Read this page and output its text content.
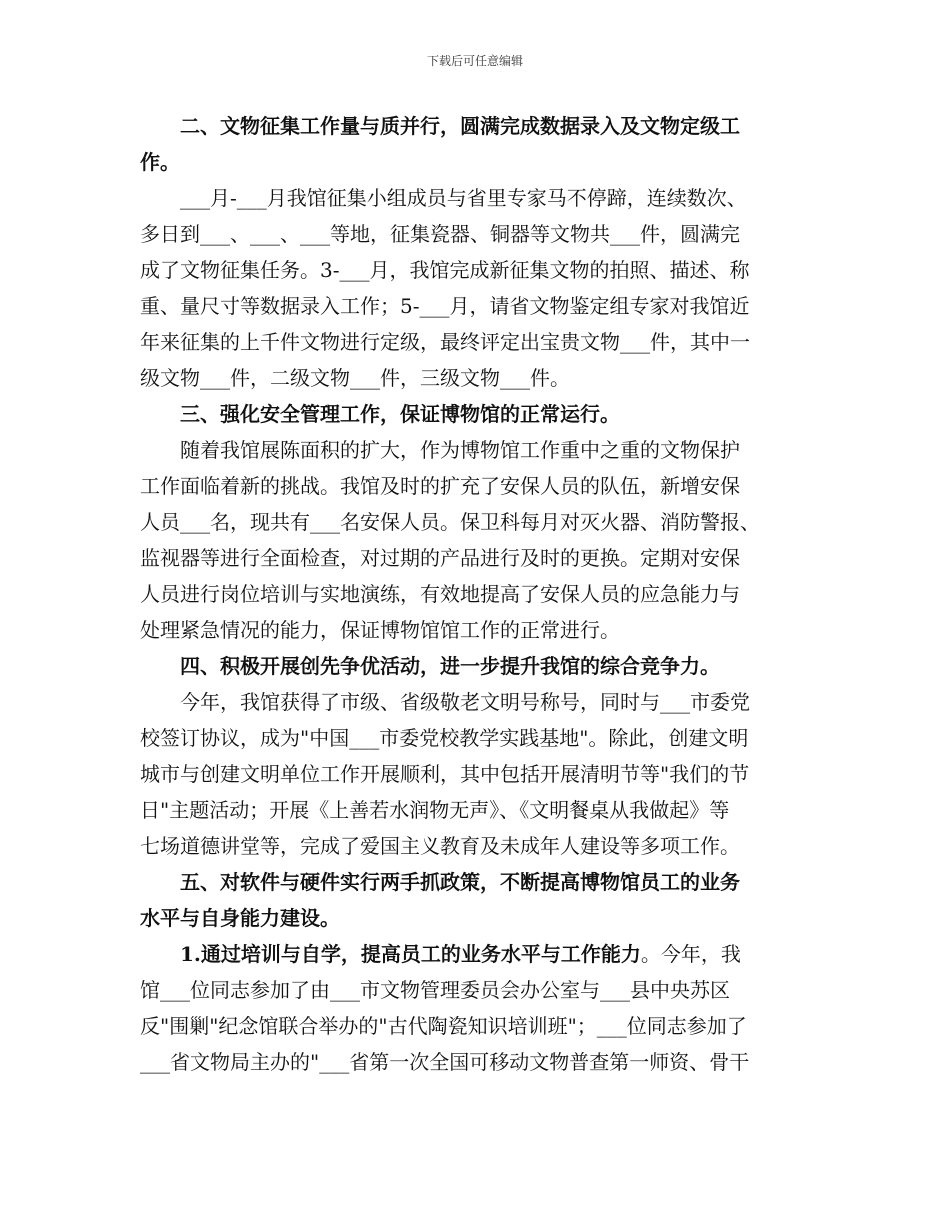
下载后可任意编辑
　　二、文物征集工作量与质并行，圆满完成数据录入及文物定级工
作。
　　___月-___月我馆征集小组成员与省里专家马不停蹄，连续数次、
多日到___、___、___等地，征集瓷器、铜器等文物共___件，圆满完
成了文物征集任务。3-___月，我馆完成新征集文物的拍照、描述、称
重、量尺寸等数据录入工作；5-___月，请省文物鉴定组专家对我馆近
年来征集的上千件文物进行定级，最终评定出宝贵文物___件，其中一
级文物___件，二级文物___件，三级文物___件。
　　三、强化安全管理工作，保证博物馆的正常运行。
　　随着我馆展陈面积的扩大，作为博物馆工作重中之重的文物保护
工作面临着新的挑战。我馆及时的扩充了安保人员的队伍，新增安保
人员___名，现共有___名安保人员。保卫科每月对灭火器、消防警报、
监视器等进行全面检查，对过期的产品进行及时的更换。定期对安保
人员进行岗位培训与实地演练，有效地提高了安保人员的应急能力与
处理紧急情况的能力，保证博物馆馆工作的正常进行。
　　四、积极开展创先争优活动，进一步提升我馆的综合竞争力。
　　今年，我馆获得了市级、省级敬老文明号称号，同时与___市委党
校签订协议，成为"中国___市委党校教学实践基地"。除此，创建文明
城市与创建文明单位工作开展顺利，其中包括开展清明节等"我们的节
日"主题活动；开展《上善若水润物无声》、《文明餐桌从我做起》等
七场道德讲堂等，完成了爱国主义教育及未成年人建设等多项工作。
　　五、对软件与硬件实行两手抓政策，不断提高博物馆员工的业务
水平与自身能力建设。
　　1.通过培训与自学，提高员工的业务水平与工作能力。今年，我
馆___位同志参加了由___市文物管理委员会办公室与___县中央苏区
反"围剿"纪念馆联合举办的"古代陶瓷知识培训班"；___位同志参加了
___省文物局主办的"___省第一次全国可移动文物普查第一师资、骨干
